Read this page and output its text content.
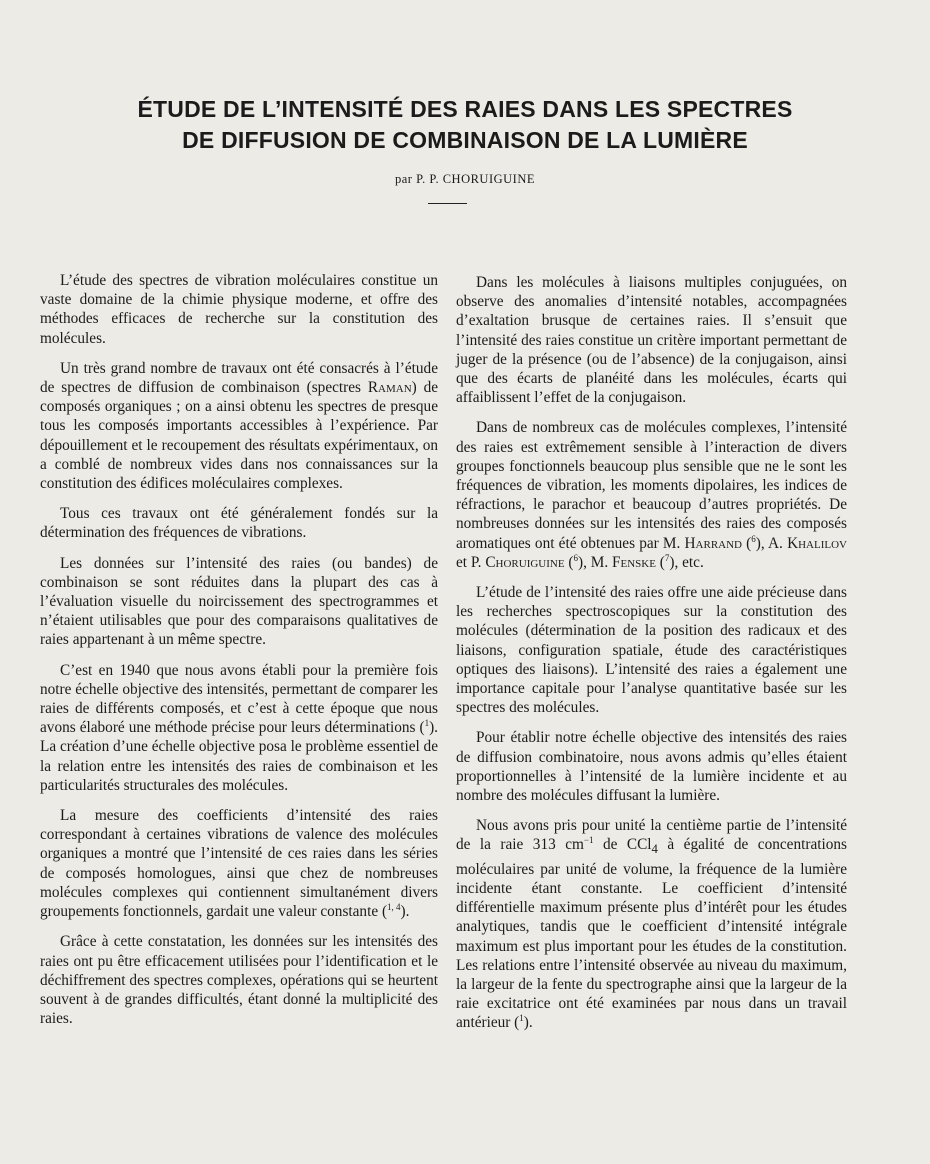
ÉTUDE DE L’INTENSITÉ DES RAIES DANS LES SPECTRES
DE DIFFUSION DE COMBINAISON DE LA LUMIÈRE
par P. P. CHORUIGUINE

L’étude des spectres de vibration moléculaires constitue un vaste domaine de la chimie physique moderne, et offre des méthodes efficaces de recherche sur la constitution des molécules.

Un très grand nombre de travaux ont été consacrés à l’étude de spectres de diffusion de combinaison (spectres Raman) de composés organiques ; on a ainsi obtenu les spectres de presque tous les composés importants accessibles à l’expérience. Par dépouillement et le recoupement des résultats expérimentaux, on a comblé de nombreux vides dans nos connaissances sur la constitution des édifices moléculaires complexes.

Tous ces travaux ont été généralement fondés sur la détermination des fréquences de vibrations.

Les données sur l’intensité des raies (ou bandes) de combinaison se sont réduites dans la plupart des cas à l’évaluation visuelle du noircissement des spectrogrammes et n’étaient utilisables que pour des comparaisons qualitatives de raies appartenant à un même spectre.

C’est en 1940 que nous avons établi pour la première fois notre échelle objective des intensités, permettant de comparer les raies de différents composés, et c’est à cette époque que nous avons élaboré une méthode précise pour leurs déterminations ($^1$). La création d’une échelle objective posa le problème essentiel de la relation entre les intensités des raies de combinaison et les particularités structurales des molécules.

La mesure des coefficients d’intensité des raies correspondant à certaines vibrations de valence des molécules organiques a montré que l’intensité de ces raies dans les séries de composés homologues, ainsi que chez de nombreuses molécules complexes qui contiennent simultanément divers groupements fonctionnels, gardait une valeur constante ($^{1, 4}$).

Grâce à cette constatation, les données sur les intensités des raies ont pu être efficacement utilisées pour l’identification et le déchiffrement des spectres complexes, opérations qui se heurtent souvent à de grandes difficultés, étant donné la multiplicité des raies.

Dans les molécules à liaisons multiples conjuguées, on observe des anomalies d’intensité notables, accompagnées d’exaltation brusque de certaines raies. Il s’ensuit que l’intensité des raies constitue un critère important permettant de juger de la présence (ou de l’absence) de la conjugaison, ainsi que des écarts de planéité dans les molécules, écarts qui affaiblissent l’effet de la conjugaison.

Dans de nombreux cas de molécules complexes, l’intensité des raies est extrêmement sensible à l’interaction de divers groupes fonctionnels beaucoup plus sensible que ne le sont les fréquences de vibration, les moments dipolaires, les indices de réfractions, le parachor et beaucoup d’autres propriétés. De nombreuses données sur les intensités des raies des composés aromatiques ont été obtenues par M. Harrand ($^6$), A. Khalilov et P. Choruiguine ($^6$), M. Fenske ($^7$), etc.

L’étude de l’intensité des raies offre une aide précieuse dans les recherches spectroscopiques sur la constitution des molécules (détermination de la position des radicaux et des liaisons, configuration spatiale, étude des caractéristiques optiques des liaisons). L’intensité des raies a également une importance capitale pour l’analyse quantitative basée sur les spectres des molécules.

Pour établir notre échelle objective des intensités des raies de diffusion combinatoire, nous avons admis qu’elles étaient proportionnelles à l’intensité de la lumière incidente et au nombre des molécules diffusant la lumière.

Nous avons pris pour unité la centième partie de l’intensité de la raie 313 $cm^{-1}$ de CCl$_4$ à égalité de concentrations moléculaires par unité de volume, la fréquence de la lumière incidente étant constante. Le coefficient d’intensité différentielle maximum présente plus d’intérêt pour les études analytiques, tandis que le coefficient d’intensité intégrale maximum est plus important pour les études de la constitution. Les relations entre l’intensité observée au niveau du maximum, la largeur de la fente du spectrographe ainsi que la largeur de la raie excitatrice ont été examinées par nous dans un travail antérieur ($^1$).
